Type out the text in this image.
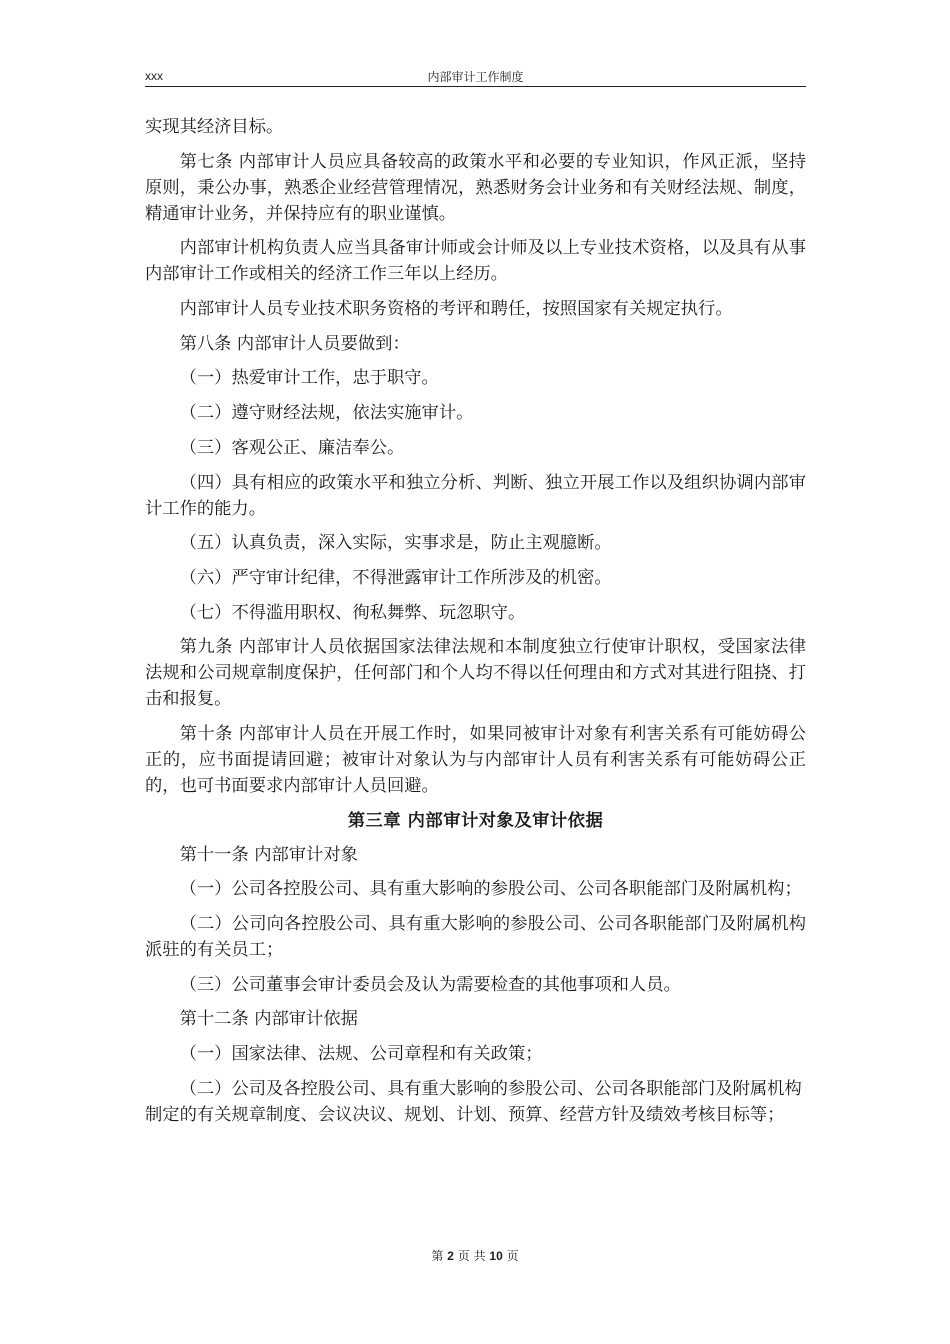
xxx	内部审计工作制度

实现其经济目标。

第七条 内部审计人员应具备较高的政策水平和必要的专业知识，作风正派，坚持原则，秉公办事，熟悉企业经营管理情况，熟悉财务会计业务和有关财经法规、制度，精通审计业务，并保持应有的职业谨慎。

内部审计机构负责人应当具备审计师或会计师及以上专业技术资格，以及具有从事内部审计工作或相关的经济工作三年以上经历。

内部审计人员专业技术职务资格的考评和聘任，按照国家有关规定执行。

第八条 内部审计人员要做到：

（一）热爱审计工作，忠于职守。

（二）遵守财经法规，依法实施审计。

（三）客观公正、廉洁奉公。

（四）具有相应的政策水平和独立分析、判断、独立开展工作以及组织协调内部审计工作的能力。

（五）认真负责，深入实际，实事求是，防止主观臆断。

（六）严守审计纪律，不得泄露审计工作所涉及的机密。

（七）不得滥用职权、徇私舞弊、玩忽职守。

第九条 内部审计人员依据国家法律法规和本制度独立行使审计职权，受国家法律法规和公司规章制度保护，任何部门和个人均不得以任何理由和方式对其进行阻挠、打击和报复。

第十条 内部审计人员在开展工作时，如果同被审计对象有利害关系有可能妨碍公正的，应书面提请回避；被审计对象认为与内部审计人员有利害关系有可能妨碍公正的，也可书面要求内部审计人员回避。

第三章 内部审计对象及审计依据

第十一条 内部审计对象

（一）公司各控股公司、具有重大影响的参股公司、公司各职能部门及附属机构；

（二）公司向各控股公司、具有重大影响的参股公司、公司各职能部门及附属机构派驻的有关员工；

（三）公司董事会审计委员会及认为需要检查的其他事项和人员。

第十二条 内部审计依据

（一）国家法律、法规、公司章程和有关政策；

（二）公司及各控股公司、具有重大影响的参股公司、公司各职能部门及附属机构制定的有关规章制度、会议决议、规划、计划、预算、经营方针及绩效考核目标等；

第 2 页 共 10 页
